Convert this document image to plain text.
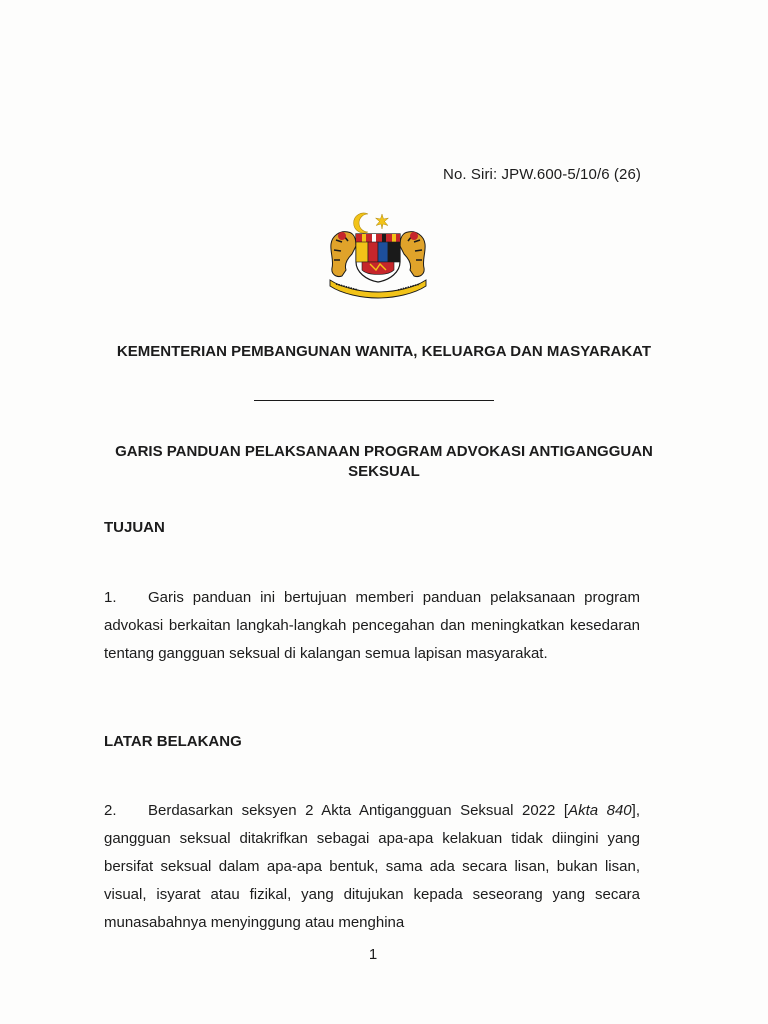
No. Siri: JPW.600-5/10/6 (26)
KEMENTERIAN PEMBANGUNAN WANITA, KELUARGA DAN MASYARAKAT
GARIS PANDUAN PELAKSANAAN PROGRAM ADVOKASI ANTIGANGGUAN SEKSUAL
TUJUAN
1. Garis panduan ini bertujuan memberi panduan pelaksanaan program advokasi berkaitan langkah-langkah pencegahan dan meningkatkan kesedaran tentang gangguan seksual di kalangan semua lapisan masyarakat.
LATAR BELAKANG
2. Berdasarkan seksyen 2 Akta Antigangguan Seksual 2022 [Akta 840], gangguan seksual ditakrifkan sebagai apa-apa kelakuan tidak diingini yang bersifat seksual dalam apa-apa bentuk, sama ada secara lisan, bukan lisan, visual, isyarat atau fizikal, yang ditujukan kepada seseorang yang secara munasabahnya menyinggung atau menghina
1
